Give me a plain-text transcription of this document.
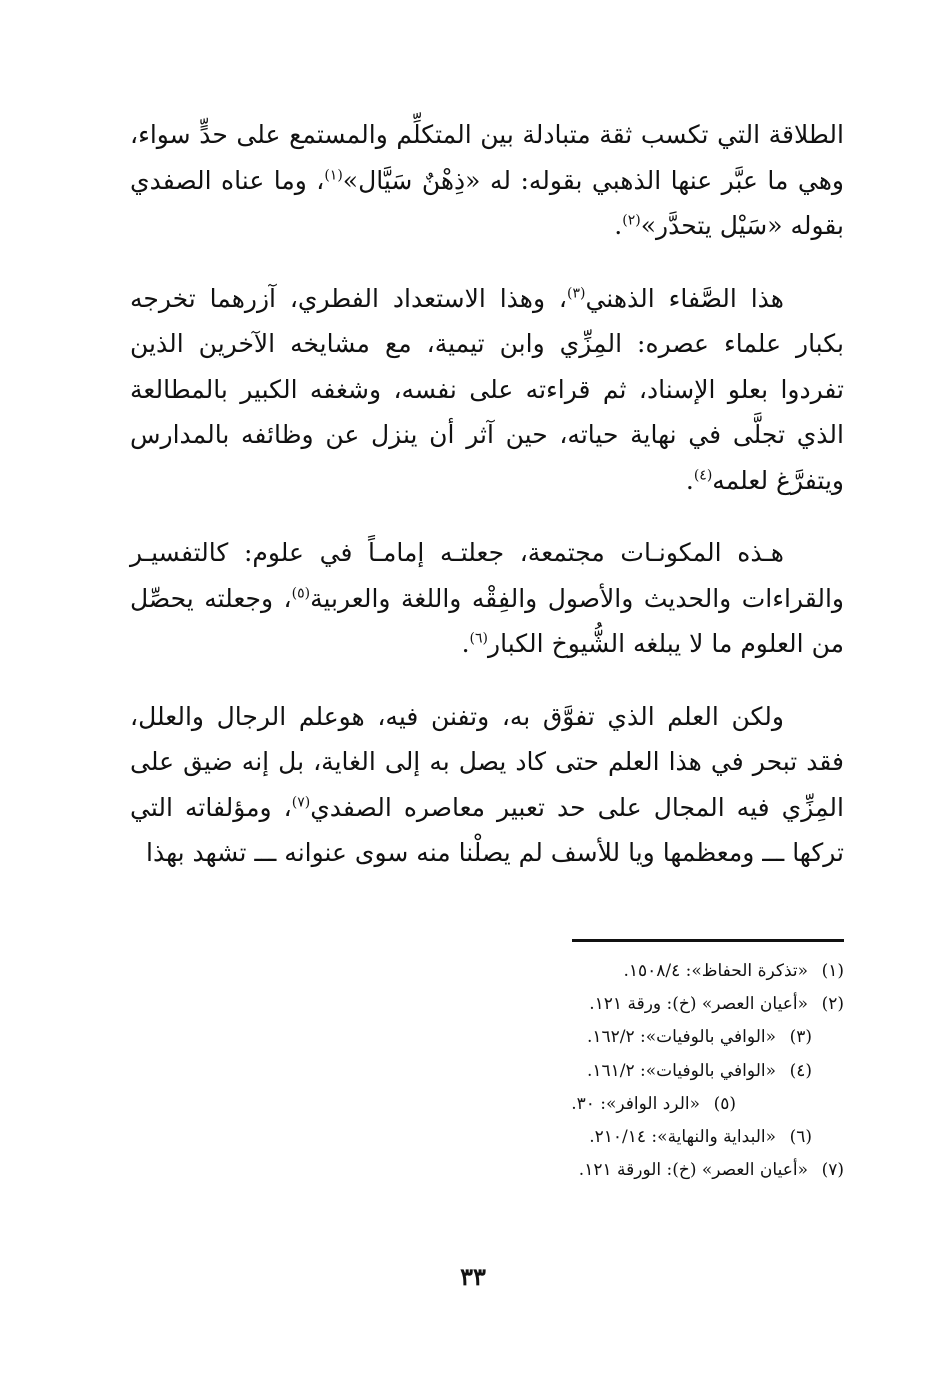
الطلاقة التي تكسب ثقة متبادلة بين المتكلِّم والمستمع على حدٍّ سواء، وهي ما عبَّر عنها الذهبي بقوله: له «ذِهْنٌ سَيَّال»$^{(١)}$، وما عناه الصفدي بقوله «سَيْل يتحدَّر»$^{(٢)}$.

هذا الصَّفاء الذهني$^{(٣)}$، وهذا الاستعداد الفطري، آزرهما تخرجه بكبار علماء عصره: المِزِّي وابن تيمية، مع مشايخه الآخرين الذين تفردوا بعلو الإسناد، ثم قراءته على نفسه، وشغفه الكبير بالمطالعة الذي تجلَّى في نهاية حياته، حين آثر أن ينزل عن وظائفه بالمدارس ويتفرَّغ لعلمه$^{(٤)}$.

هـذه المكونـات مجتمعة، جعلتـه إمامـاً في علوم: كالتفسيـر والقراءات والحديث والأصول والفِقْه واللغة والعربية$^{(٥)}$، وجعلته يحصِّل من العلوم ما لا يبلغه الشُّيوخ الكبار$^{(٦)}$.

ولكن العلم الذي تفوَّق به، وتفنن فيه، هوعلم الرجال والعلل، فقد تبحر في هذا العلم حتى كاد يصل به إلى الغاية، بل إنه ضيق على المِزِّي فيه المجال على حد تعبير معاصره الصفدي$^{(٧)}$، ومؤلفاته التي تركها ـــ ومعظمها ويا للأسف لم يصلْنا منه سوى عنوانه ـــ تشهد بهذا

(١)«تذكرة الحفاظ»: ١٥٠٨/٤.
(٢)«أعيان العصر» (خ): ورقة ١٢١.
(٣)«الوافي بالوفيات»: ١٦٢/٢.
(٤)«الوافي بالوفيات»: ١٦١/٢.
(٥)«الرد الوافر»: ٣٠.
(٦)«البداية والنهاية»: ٢١٠/١٤.
(٧)«أعيان العصر» (خ): الورقة ١٢١.
٣٣
